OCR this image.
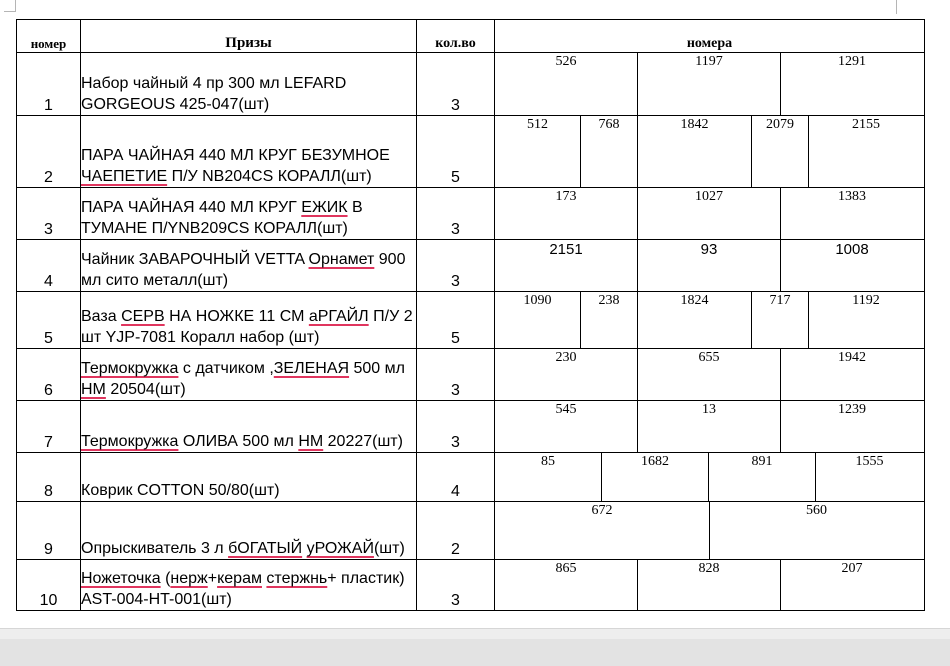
номер	Призы	кол.во	номера
1	Набор чайный 4 пр 300 мл LEFARD GORGEOUS 425-047(шт)	3	526 1197 1291

2	ПАРА ЧАЙНАЯ 440 МЛ КРУГ БЕЗУМНОЕ ЧАЕПЕТИЕ П/У NB204CS КОРАЛЛ(шт)	5	512 768 1842 2079 2155

3	ПАРА ЧАЙНАЯ 440 МЛ КРУГ ЕЖИК В ТУМАНЕ П/YNB209CS КОРАЛЛ(шт)	3	173 1027 1383

4	Чайник ЗАВАРОЧНЫЙ VETTA Орнамет 900 мл сито металл(шт)	3	2151 93 1008

5	Ваза СЕРВ НА НОЖКЕ 11 СМ аРГАЙЛ П/У 2 шт YJP-7081 Коралл набор (шт)	5	1090 238 1824 717 1192

6	Термокружка с датчиком ,ЗЕЛЕНАЯ 500 мл НМ 20504(шт)	3	230 655 1942

7	Термокружка ОЛИВА 500 мл НМ 20227(шт)	3	545 13 1239

8	Коврик COTTON 50/80(шт)	4	85 1682 891 1555

9	Опрыскиватель 3 л бОГАТЫЙ уРОЖАЙ(шт)	2	672 560

10	Ножеточка (нерж+керам стержнь+ пластик) AST-004-HT-001(шт)	3	865 828 207
